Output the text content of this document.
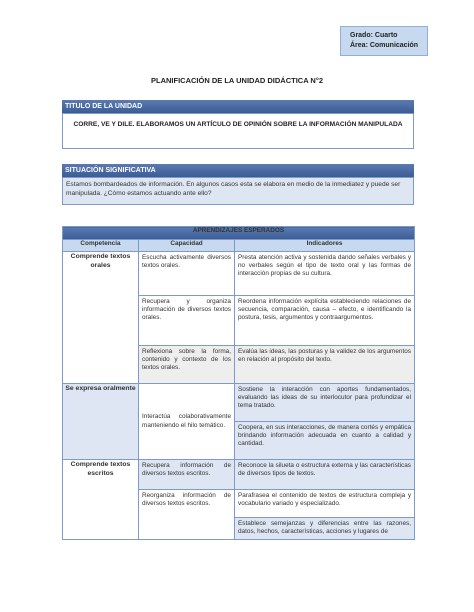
Grado: Cuarto
Área: Comunicación
PLANIFICACIÓN DE LA UNIDAD DIDÁCTICA N°2
TITULO DE LA UNIDAD
CORRE, VE Y DILE. ELABORAMOS UN ARTÍCULO DE OPINIÓN SOBRE LA INFORMACIÓN MANIPULADA
SITUACIÓN SIGNIFICATIVA
Estamos bombardeados de información. En algunos casos esta se elabora en medio de la inmediatez y puede ser manipulada. ¿Cómo estamos actuando ante ello?
APRENDIZAJES ESPERADOS		
Competencia	Capacidad	Indicadores
Comprende textos orales	Escucha activamente diversos textos orales.	Presta atención activa y sostenida dando señales verbales y no verbales según el tipo de texto oral y las formas de interacción propias de su cultura.
	Recupera y organiza información de diversos textos orales.	Reordena información explícita estableciendo relaciones de secuencia, comparación, causa – efecto, e identificando la postura, tesis, argumentos y contraargumentos.
	Reflexiona sobre la forma, contenido y contexto de los textos orales.	Evalúa las ideas, las posturas y la validez de los argumentos en relación al propósito del texto.
Se expresa oralmente	Interactúa colaborativamente manteniendo el hilo temático.	Sostiene la interacción con aportes fundamentados, evaluando las ideas de su interlocutor para profundizar el tema tratado.
		Coopera, en sus interacciones, de manera cortés y empática brindando información adecuada en cuanto a calidad y cantidad.
Comprende textos escritos	Recupera información de diversos textos escritos.	Reconoce la silueta o estructura externa y las características de diversos tipos de textos.
	Reorganiza información de diversos textos escritos.	Parafrasea el contenido de textos de estructura compleja y vocabulario variado y especializado.
		Establece semejanzas y diferencias entre las razones, datos, hechos, características, acciones y lugares de
